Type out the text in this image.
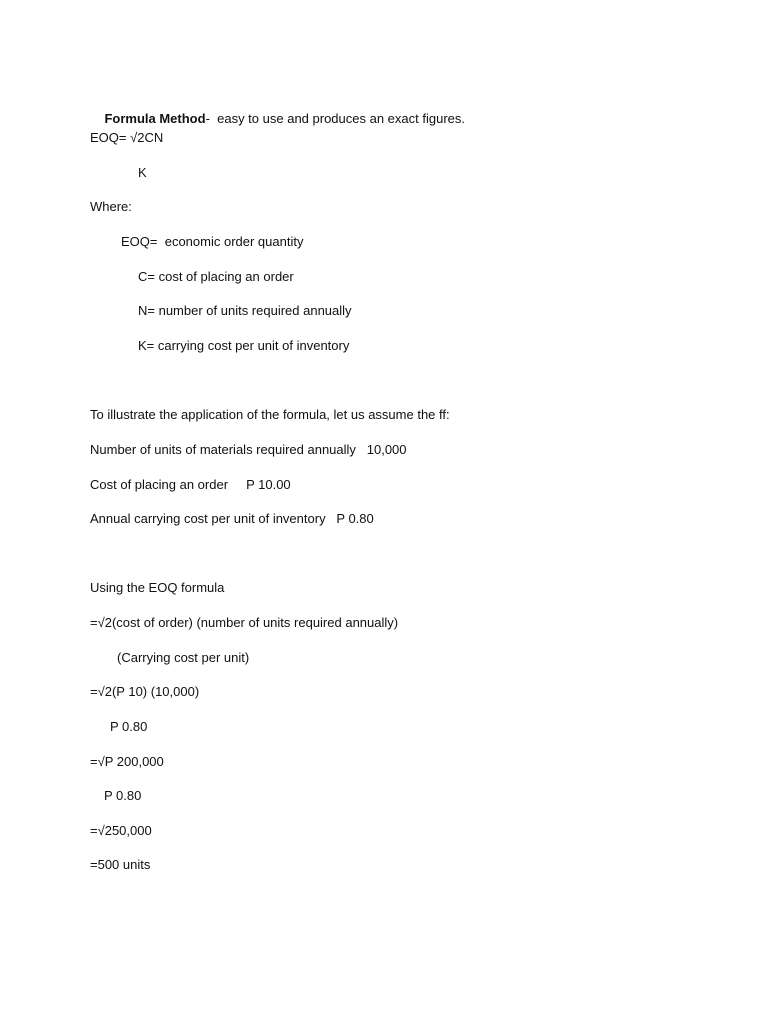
Formula Method-  easy to use and produces an exact figures.

EOQ= √2CN
K
Where:
EOQ=  economic order quantity
C= cost of placing an order
N= number of units required annually
K= carrying cost per unit of inventory
To illustrate the application of the formula, let us assume the ff:
Number of units of materials required annually   10,000
Cost of placing an order     P 10.00
Annual carrying cost per unit of inventory   P 0.80
Using the EOQ formula
=√2(cost of order) (number of units required annually)
(Carrying cost per unit)
=√2(P 10) (10,000)
P 0.80
=√P 200,000
P 0.80
=√250,000
=500 units
